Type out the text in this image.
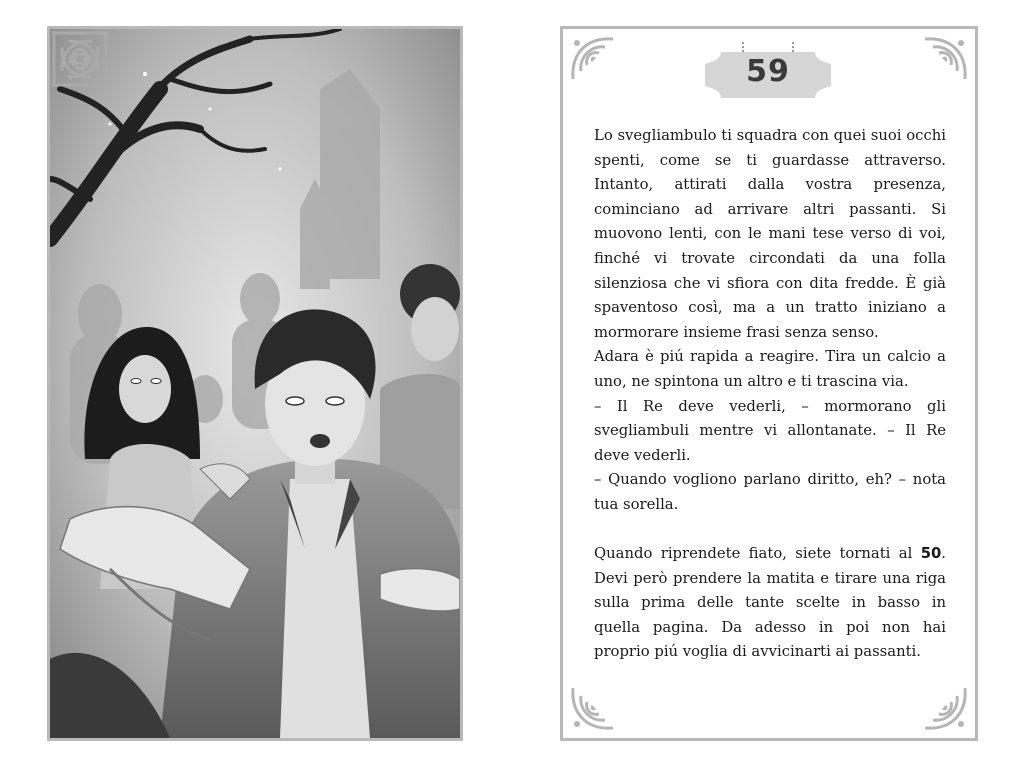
59

Lo svegliambulo ti squadra con quei suoi occhi spenti, come se ti guardasse attraverso. Intanto, attirati dalla vostra presenza, cominciano ad arrivare altri passanti. Si muovono lenti, con le mani tese verso di voi, finché vi trovate circondati da una folla silenziosa che vi sfiora con dita fredde. È già spaventoso così, ma a un tratto iniziano a mormorare insieme frasi senza senso.

Adara è piú rapida a reagire. Tira un calcio a uno, ne spintona un altro e ti trascina via.

– Il Re deve vederli, – mormorano gli svegliambuli mentre vi allontanate. – Il Re deve vederli.

– Quando vogliono parlano diritto, eh? – nota tua sorella.

Quando riprendete fiato, siete tornati al 50. Devi però prendere la matita e tirare una riga sulla prima delle tante scelte in basso in quella pagina. Da adesso in poi non hai proprio piú voglia di avvicinarti ai passanti.
